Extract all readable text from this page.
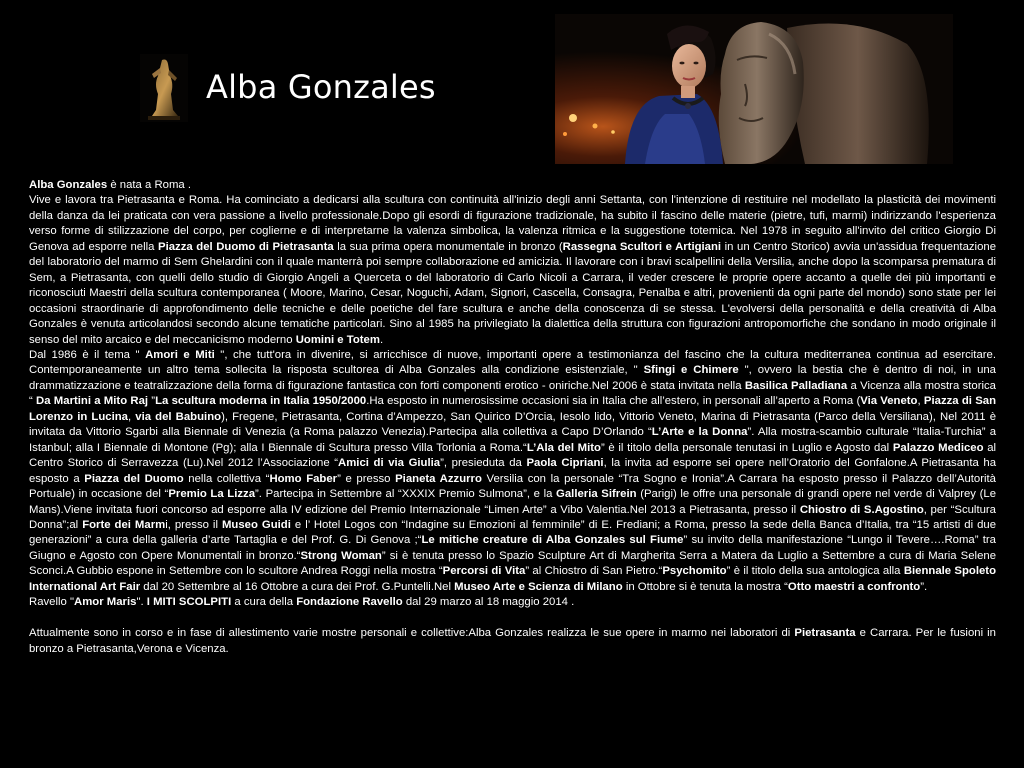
Alba Gonzales

Alba Gonzales è nata a Roma .

Vive e lavora tra Pietrasanta e Roma. Ha cominciato a dedicarsi alla scultura con continuità all'inizio degli anni Settanta, con l'intenzione di restituire nel modellato la plasticità dei movimenti della danza da lei praticata con vera passione a livello professionale.Dopo gli esordi di figurazione tradizionale, ha subito il fascino delle materie (pietre, tufi, marmi) indirizzando l'esperienza verso forme di stilizzazione del corpo, per coglierne e di interpretarne la valenza simbolica, la valenza ritmica e la suggestione totemica. Nel 1978 in seguito all'invito del critico Giorgio Di Genova ad esporre nella Piazza del Duomo di Pietrasanta la sua prima opera monumentale in bronzo (Rassegna Scultori e Artigiani in un Centro Storico) avvia un'assidua frequentazione del laboratorio del marmo di Sem Ghelardini con il quale manterrà poi sempre collaborazione ed amicizia. Il lavorare con i bravi scalpellini della Versilia, anche dopo la scomparsa prematura di Sem, a Pietrasanta, con quelli dello studio di Giorgio Angeli a Querceta o del laboratorio di Carlo Nicoli a Carrara, il veder crescere le proprie opere accanto a quelle dei più importanti e riconosciuti Maestri della scultura contemporanea ( Moore, Marino, Cesar, Noguchi, Adam, Signori, Cascella, Consagra, Penalba e altri, provenienti da ogni parte del mondo) sono state per lei occasioni straordinarie di approfondimento delle tecniche e delle poetiche del fare scultura e anche della conoscenza di se stessa. L'evolversi della personalità e della creatività di Alba Gonzales è venuta articolandosi secondo alcune tematiche particolari. Sino al 1985 ha privilegiato la dialettica della struttura con figurazioni antropomorfiche che sondano in modo originale il senso del mito arcaico e del meccanicismo moderno Uomini e Totem.

Dal 1986 è il tema " Amori e Miti ", che tutt'ora in divenire, si arricchisce di nuove, importanti opere a testimonianza del fascino che la cultura mediterranea continua ad esercitare. Contemporaneamente un altro tema sollecita la risposta scultorea di Alba Gonzales alla condizione esistenziale, " Sfingi e Chimere ", ovvero la bestia che è dentro di noi, in una drammatizzazione e teatralizzazione della forma di figurazione fantastica con forti componenti erotico - oniriche.Nel 2006 è stata invitata nella Basilica Palladiana a Vicenza alla mostra storica “ Da Martini a Mito Raj ”La scultura moderna in Italia 1950/2000.Ha esposto in numerosissime occasioni sia in Italia che all’estero, in personali all’aperto a Roma (Via Veneto, Piazza di San Lorenzo in Lucina, via del Babuino), Fregene, Pietrasanta, Cortina d’Ampezzo, San Quirico D’Orcia, Iesolo lido, Vittorio Veneto, Marina di Pietrasanta (Parco della Versiliana), Nel 2011 è invitata da Vittorio Sgarbi alla Biennale di Venezia (a Roma palazzo Venezia).Partecipa alla collettiva a Capo D’Orlando “L’Arte e la Donna”. Alla mostra-scambio culturale “Italia-Turchia” a Istanbul; alla I Biennale di Montone (Pg); alla I Biennale di Scultura presso Villa Torlonia a Roma.“L’Ala del Mito” è il titolo della personale tenutasi in Luglio e Agosto dal Palazzo Mediceo al Centro Storico di Serravezza (Lu).Nel 2012 l’Associazione “Amici di via Giulia”, presieduta da Paola Cipriani, la invita ad esporre sei opere nell’Oratorio del Gonfalone.A Pietrasanta ha esposto a Piazza del Duomo nella collettiva “Homo Faber” e presso Pianeta Azzurro Versilia con la personale “Tra Sogno e Ironia”.A Carrara ha esposto presso il Palazzo dell’Autorità Portuale) in occasione del “Premio La Lizza”. Partecipa in Settembre al “XXXIX Premio Sulmona”, e la Galleria Sifrein (Parigi) le offre una personale di grandi opere nel verde di Valprey (Le Mans).Viene invitata fuori concorso ad esporre alla IV edizione del Premio Internazionale “Limen Arte” a Vibo Valentia.Nel 2013 a Pietrasanta, presso il Chiostro di S.Agostino, per “Scultura Donna”;al Forte dei Marmi, presso il Museo Guidi e l’ Hotel Logos con “Indagine su Emozioni al femminile” di E. Frediani; a Roma, presso la sede della Banca d’Italia, tra “15 artisti di due generazioni” a cura della galleria d’arte Tartaglia e del Prof. G. Di Genova ;“Le mitiche creature di Alba Gonzales sul Fiume” su invito della manifestazione “Lungo il Tevere….Roma” tra Giugno e Agosto con Opere Monumentali in bronzo.“Strong Woman” si è tenuta presso lo Spazio Sculpture Art di Margherita Serra a Matera da Luglio a Settembre a cura di Maria Selene Sconci.A Gubbio espone in Settembre con lo scultore Andrea Roggi nella mostra “Percorsi di Vita” al Chiostro di San Pietro.“Psychomito” è il titolo della sua antologica alla Biennale Spoleto International Art Fair dal 20 Settembre al 16 Ottobre a cura dei Prof. G.Puntelli.Nel Museo Arte e Scienza di Milano in Ottobre si è tenuta la mostra “Otto maestri a confronto”.

Ravello "Amor Maris". I MITI SCOLPITI a cura della Fondazione Ravello dal 29 marzo al 18 maggio 2014 .

Attualmente sono in corso e in fase di allestimento varie mostre personali e collettive:Alba Gonzales realizza le sue opere in marmo nei laboratori di Pietrasanta e Carrara. Per le fusioni in bronzo a Pietrasanta,Verona e Vicenza.
